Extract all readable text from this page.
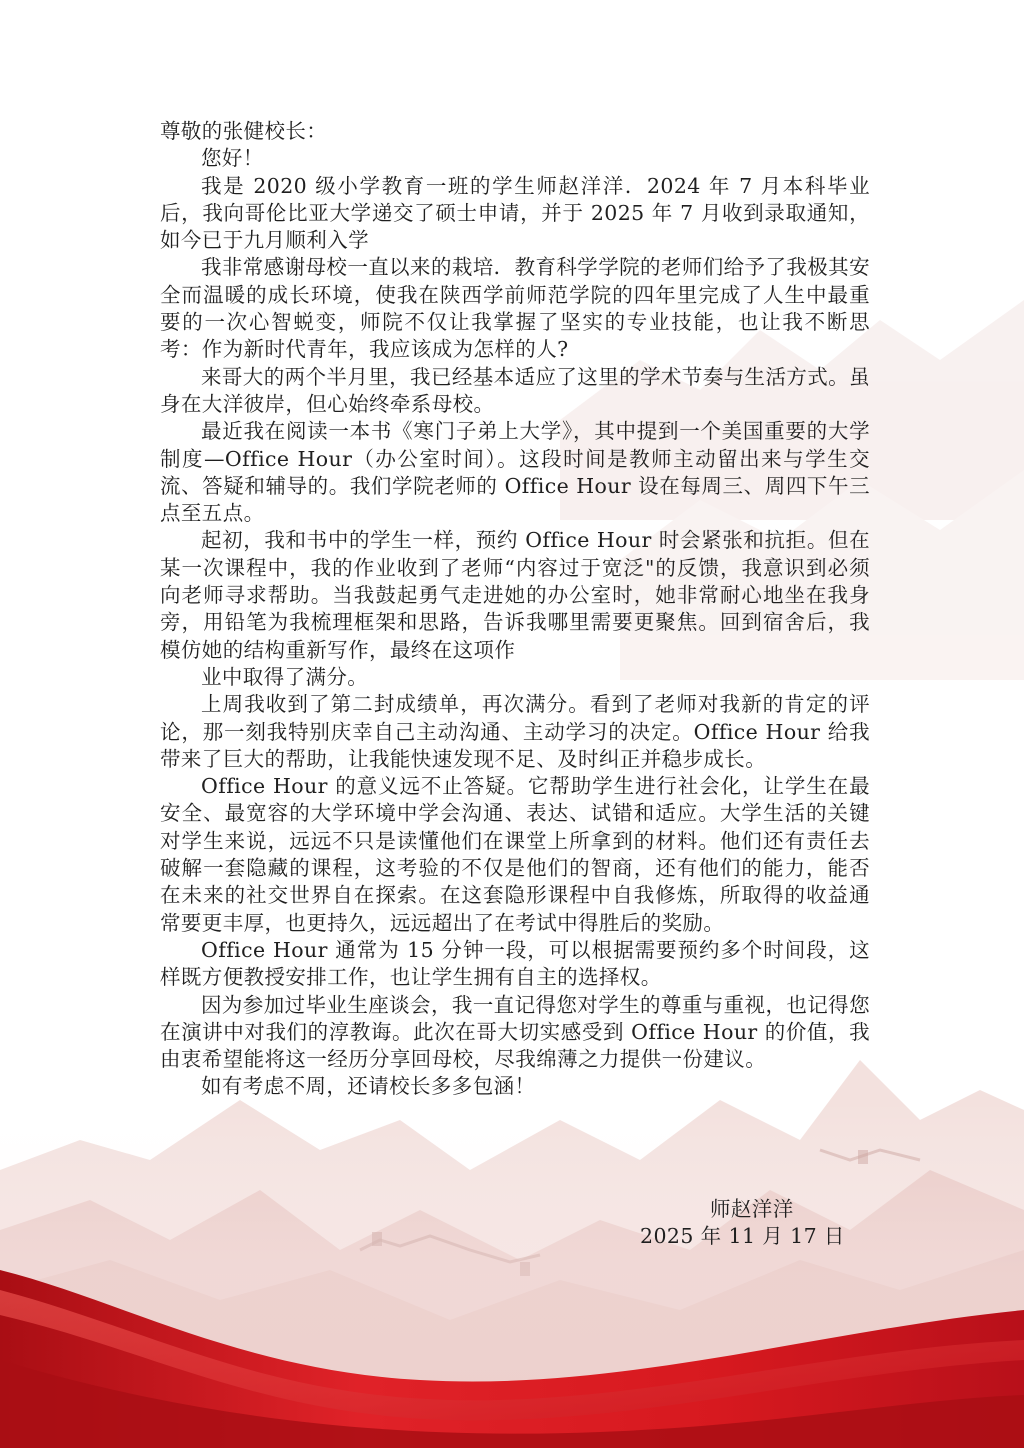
尊敬的张健校长：

您好！

我是 2020 级小学教育一班的学生师赵洋洋．2024 年 7 月本科毕业后，我向哥伦比亚大学递交了硕士申请，并于 2025 年 7 月收到录取通知，如今已于九月顺利入学

我非常感谢母校一直以来的栽培．教育科学学院的老师们给予了我极其安全而温暖的成长环境，使我在陕西学前师范学院的四年里完成了人生中最重要的一次心智蜕变，师院不仅让我掌握了坚实的专业技能，也让我不断思考：作为新时代青年，我应该成为怎样的人?

来哥大的两个半月里，我已经基本适应了这里的学术节奏与生活方式。虽身在大洋彼岸，但心始终牵系母校。

最近我在阅读一本书《寒门子弟上大学》，其中提到一个美国重要的大学制度—Office Hour（办公室时间）。这段时间是教师主动留出来与学生交流、答疑和辅导的。我们学院老师的 Office Hour 设在每周三、周四下午三点至五点。

起初，我和书中的学生一样，预约 Office Hour 时会紧张和抗拒。但在某一次课程中，我的作业收到了老师“内容过于宽泛"的反馈，我意识到必须向老师寻求帮助。当我鼓起勇气走进她的办公室时，她非常耐心地坐在我身旁，用铅笔为我梳理框架和思路，告诉我哪里需要更聚焦。回到宿舍后，我模仿她的结构重新写作，最终在这项作

业中取得了满分。

上周我收到了第二封成绩单，再次满分。看到了老师对我新的肯定的评论，那一刻我特别庆幸自己主动沟通、主动学习的决定。Office Hour 给我带来了巨大的帮助，让我能快速发现不足、及时纠正并稳步成长。

Office Hour 的意义远不止答疑。它帮助学生进行社会化，让学生在最安全、最宽容的大学环境中学会沟通、表达、试错和适应。大学生活的关键对学生来说，远远不只是读懂他们在课堂上所拿到的材料。他们还有责任去破解一套隐藏的课程，这考验的不仅是他们的智商，还有他们的能力，能否在未来的社交世界自在探索。在这套隐形课程中自我修炼，所取得的收益通常要更丰厚，也更持久，远远超出了在考试中得胜后的奖励。

Office Hour 通常为 15 分钟一段，可以根据需要预约多个时间段，这样既方便教授安排工作，也让学生拥有自主的选择权。

因为参加过毕业生座谈会，我一直记得您对学生的尊重与重视，也记得您在演讲中对我们的淳教诲。此次在哥大切实感受到 Office Hour 的价值，我由衷希望能将这一经历分享回母校，尽我绵薄之力提供一份建议。

如有考虑不周，还请校长多多包涵！

师赵洋洋
2025 年 11 月 17 日
